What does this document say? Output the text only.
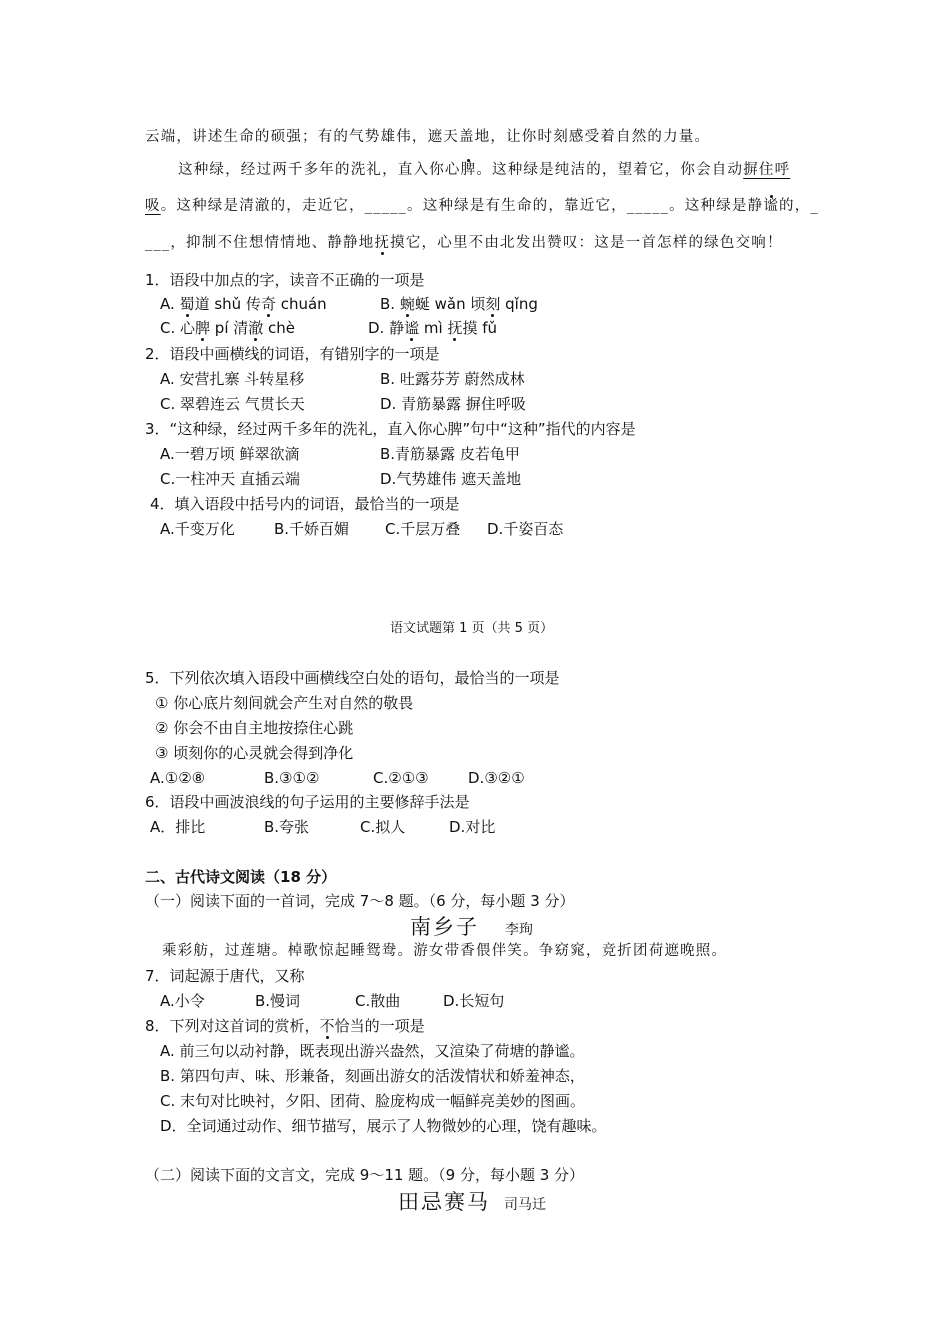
云端，讲述生命的硕强；有的气势雄伟，遮天盖地，让你时刻感受着自然的力量。
这种绿，经过两千多年的洗礼，直入你心脾。这种绿是纯洁的，望着它，你会自动摒住呼
吸。这种绿是清澈的，走近它，_____。这种绿是有生命的，靠近它，_____。这种绿是静谧的，_
___，抑制不住想情情地、静静地抚摸它，心里不由北发出赞叹：这是一首怎样的绿色交响！
1．语段中加点的字，读音不正确的一项是
A. 蜀道 shǔ 传奇 chuán	B. 蜿蜒 wǎn 顷刻 qǐng
C. 心脾 pí 清澈 chè	D. 静谧 mì 抚摸 fǔ
2．语段中画横线的词语，有错别字的一项是
A. 安营扎寨 斗转星移	B. 吐露芬芳 蔚然成林
C. 翠碧连云 气贯长天	D. 青筋暴露 摒住呼吸
3．“这种绿，经过两千多年的洗礼，直入你心脾”句中“这种”指代的内容是
A.一碧万顷 鲜翠欲滴	B.青筋暴露 皮若龟甲
C.一柱冲天 直插云端	D.气势雄伟 遮天盖地
4．填入语段中括号内的词语，最恰当的一项是
A.千变万化	B.千娇百媚 C.千层万叠 D.千姿百态
语文试题第 1 页（共 5 页）
5．下列依次填入语段中画横线空白处的语句，最恰当的一项是
① 你心底片刻间就会产生对自然的敬畏
② 你会不由自主地按捺住心跳
③ 顷刻你的心灵就会得到净化
A.①②⑧	B.③①②	C.②①③	D.③②①
6．语段中画波浪线的句子运用的主要修辞手法是
A．排比	B.夸张	C.拟人	D.对比
二、古代诗文阅读（18 分）
（一）阅读下面的一首词，完成 7～8 题。（6 分，每小题 3 分）
南乡子 李珣
乘彩舫，过莲塘。棹歌惊起睡鸳鸯。游女带香偎伴笑。争窈窕，竞折团荷遮晚照。
7．词起源于唐代，又称
A.小令	B.慢词	C.散曲	D.长短句
8．下列对这首词的赏析，不恰当的一项是
A. 前三句以动衬静，既表现出游兴盎然，又渲染了荷塘的静谧。
B. 第四句声、味、形兼备，刻画出游女的活泼情状和娇羞神态，
C. 末句对比映衬，夕阳、团荷、脸庞构成一幅鲜亮美妙的图画。
D．全词通过动作、细节描写，展示了人物微妙的心理，饶有趣味。
（二）阅读下面的文言文，完成 9～11 题。（9 分，每小题 3 分）
田忌赛马 司马迁
